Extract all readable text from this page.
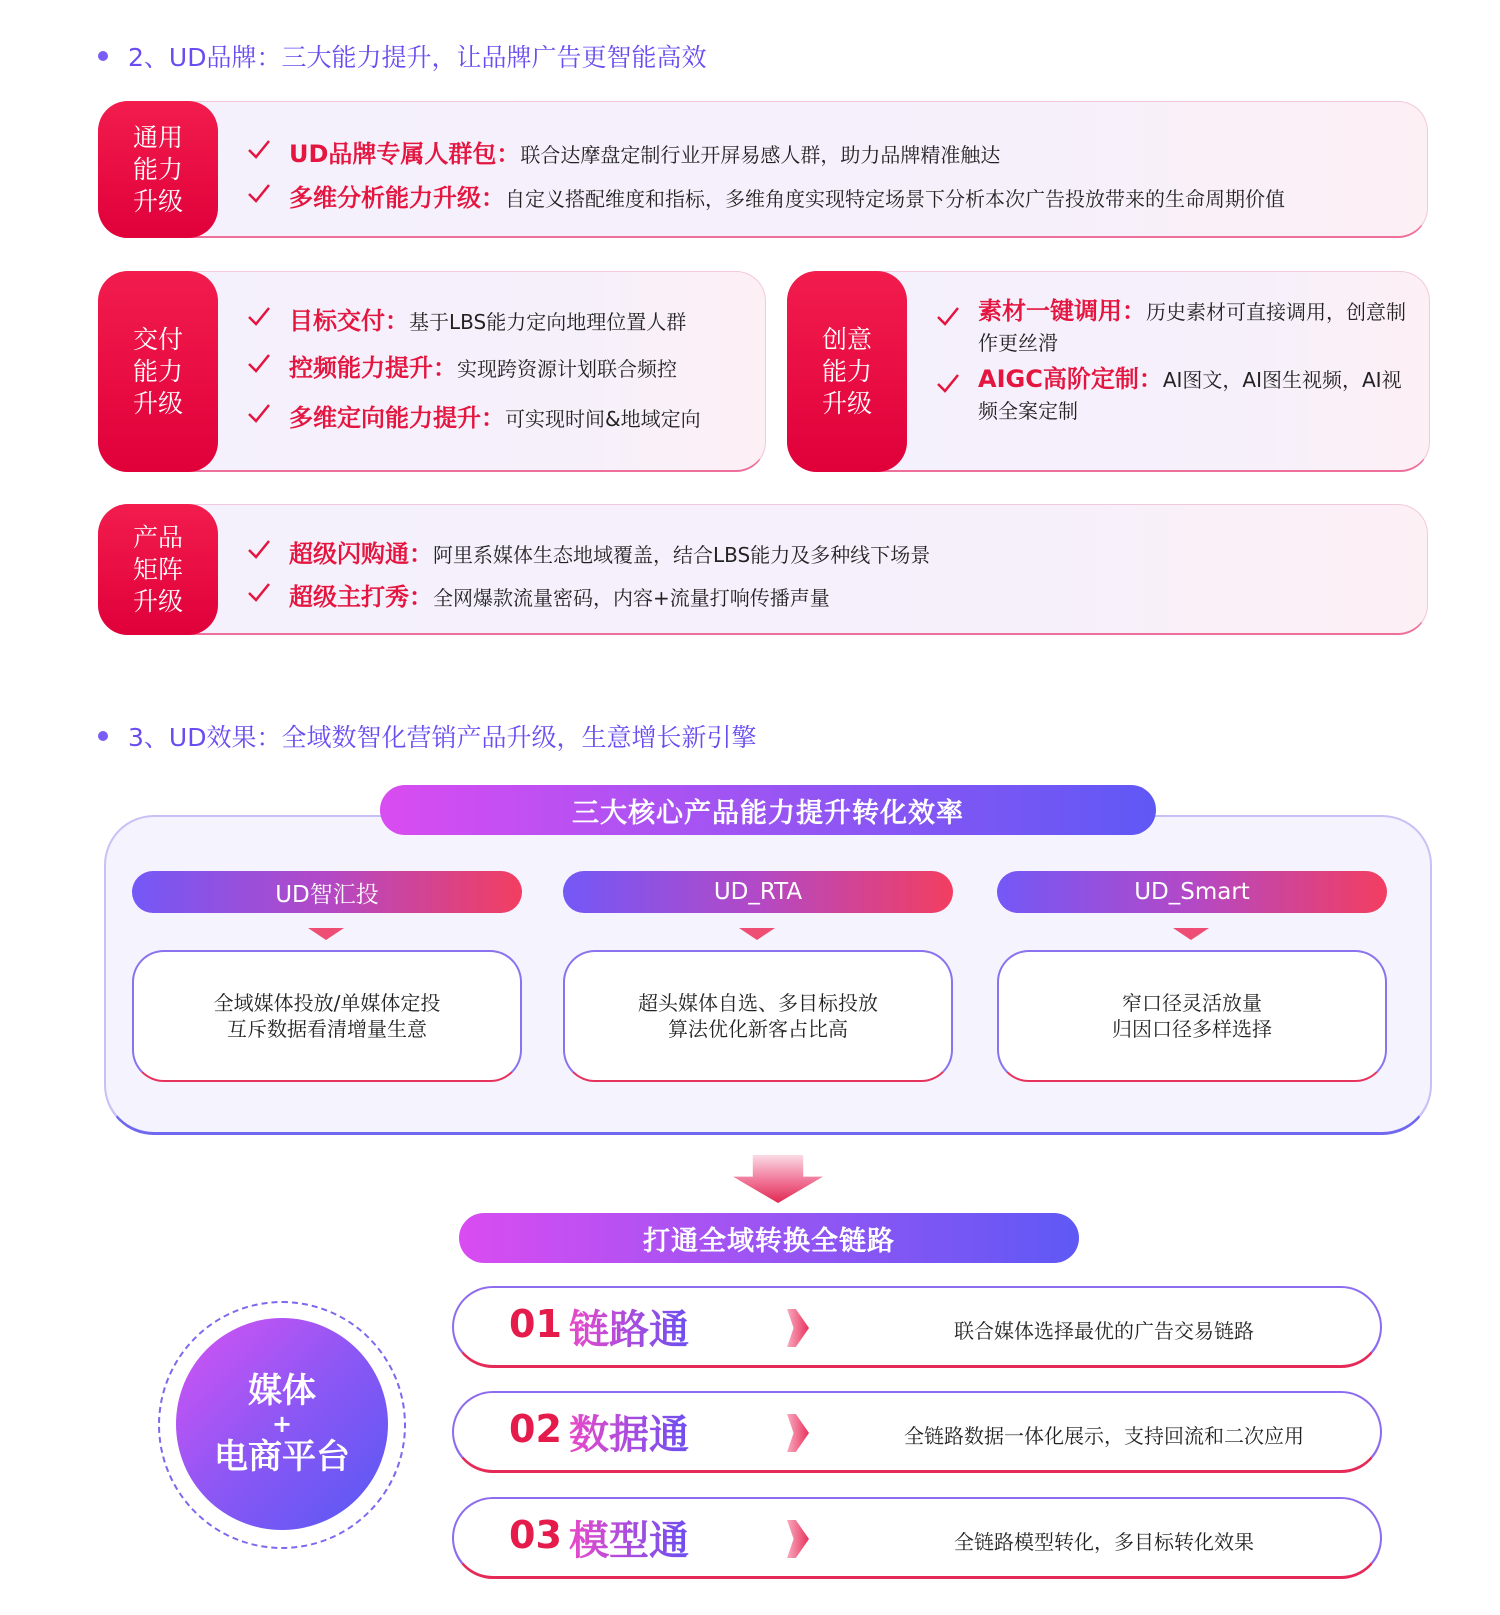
2、UD品牌：三大能力提升，让品牌广告更智能高效
通用能力升级
UD品牌专属人群包： 联合达摩盘定制行业开屏易感人群，助力品牌精准触达
多维分析能力升级： 自定义搭配维度和指标，多维角度实现特定场景下分析本次广告投放带来的生命周期价值
交付能力升级
目标交付： 基于LBS能力定向地理位置人群
控频能力提升： 实现跨资源计划联合频控
多维定向能力提升： 可实现时间&地域定向
创意能力升级
素材一键调用：历史素材可直接调用，创意制作更丝滑
AIGC高阶定制：AI图文，AI图生视频，AI视频全案定制
产品矩阵升级
超级闪购通： 阿里系媒体生态地域覆盖，结合LBS能力及多种线下场景
超级主打秀： 全网爆款流量密码，内容+流量打响传播声量
3、UD效果：全域数智化营销产品升级，生意增长新引擎
三大核心产品能力提升转化效率
UD智汇投
全域媒体投放/单媒体定投
互斥数据看清增量生意
UD_RTA
超头媒体自选、多目标投放
算法优化新客占比高
UD_Smart
窄口径灵活放量
归因口径多样选择
打通全域转换全链路
媒体
+
电商平台
01 链路通	联合媒体选择最优的广告交易链路
02 数据通	全链路数据一体化展示，支持回流和二次应用
03 模型通	全链路模型转化，多目标转化效果
